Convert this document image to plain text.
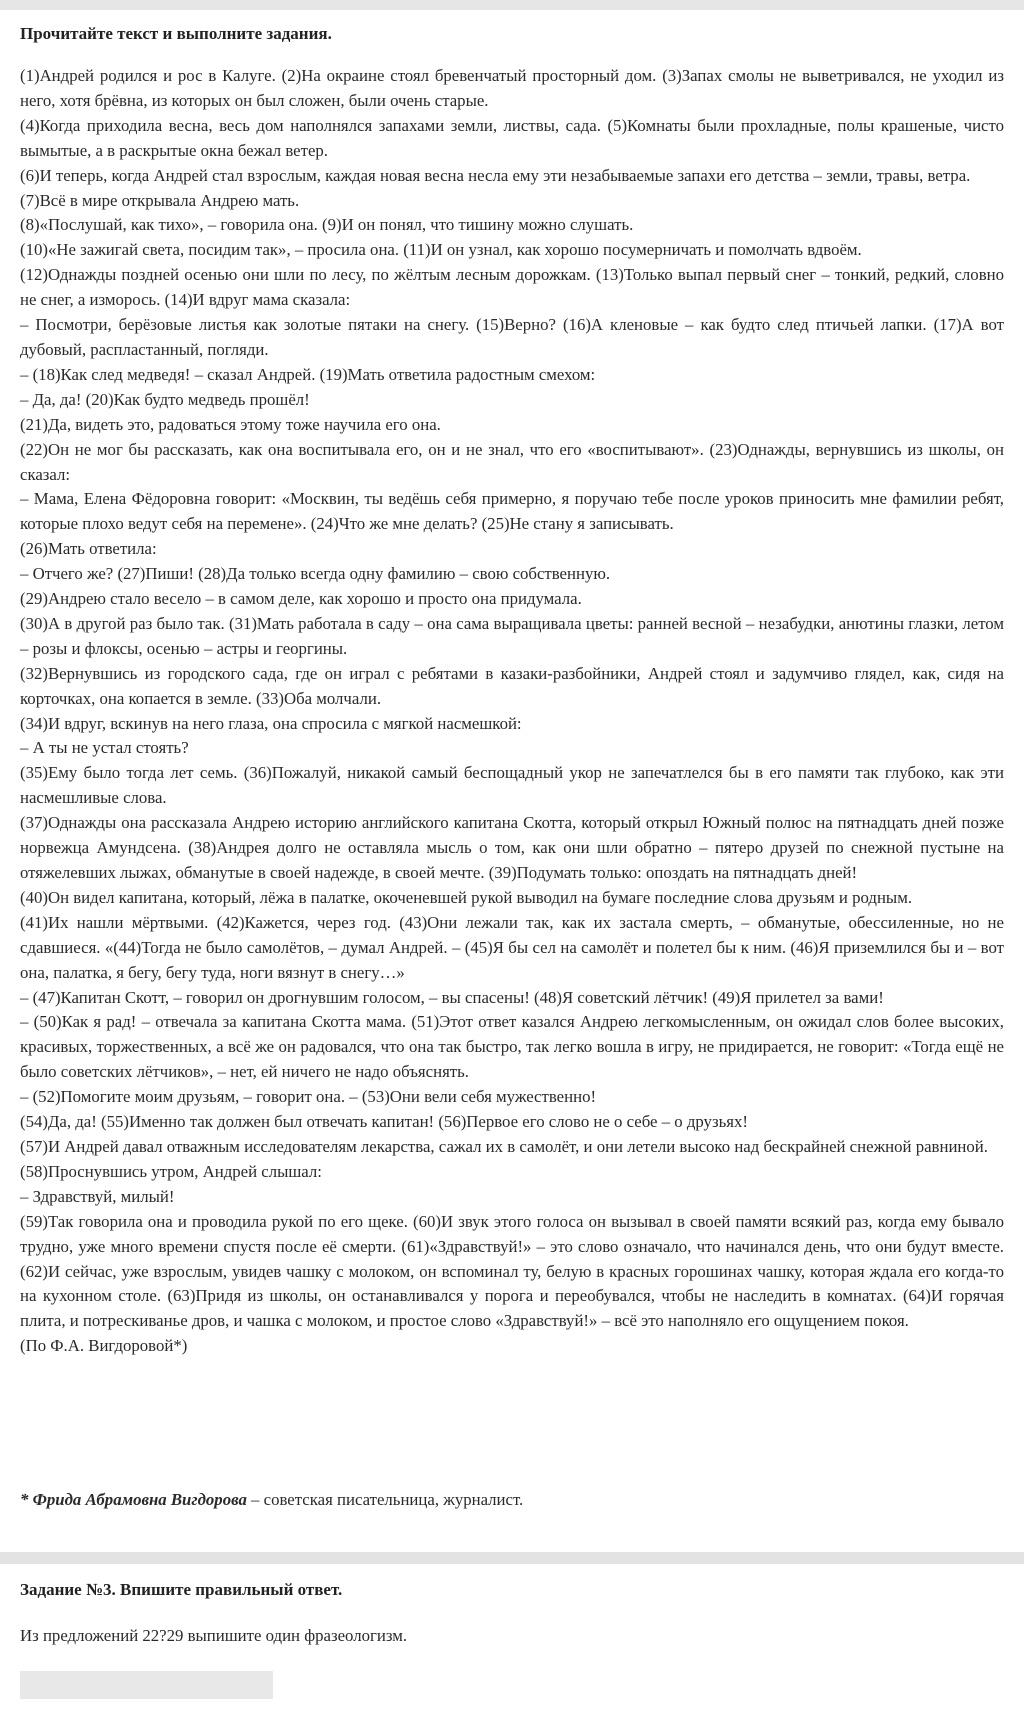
Прочитайте текст и выполните задания.

(1)Андрей родился и рос в Калуге. (2)На окраине стоял бревенчатый просторный дом. (3)Запах смолы не выветривался, не уходил из него, хотя брёвна, из которых он был сложен, были очень старые.

(4)Когда приходила весна, весь дом наполнялся запахами земли, листвы, сада. (5)Комнаты были прохладные, полы крашеные, чисто вымытые, а в раскрытые окна бежал ветер.

(6)И теперь, когда Андрей стал взрослым, каждая новая весна несла ему эти незабываемые запахи его детства – земли, травы, ветра.

(7)Всё в мире открывала Андрею мать.

(8)«Послушай, как тихо», – говорила она. (9)И он понял, что тишину можно слушать.

(10)«Не зажигай света, посидим так», – просила она. (11)И он узнал, как хорошо посумерничать и помолчать вдвоём.

(12)Однажды поздней осенью они шли по лесу, по жёлтым лесным дорожкам. (13)Только выпал первый снег – тонкий, редкий, словно не снег, а изморось. (14)И вдруг мама сказала:

– Посмотри, берёзовые листья как золотые пятаки на снегу. (15)Верно? (16)А кленовые – как будто след птичьей лапки. (17)А вот дубовый, распластанный, погляди.

– (18)Как след медведя! – сказал Андрей. (19)Мать ответила радостным смехом:

– Да, да! (20)Как будто медведь прошёл!

(21)Да, видеть это, радоваться этому тоже научила его она.

(22)Он не мог бы рассказать, как она воспитывала его, он и не знал, что его «воспитывают». (23)Однажды, вернувшись из школы, он сказал:

– Мама, Елена Фёдоровна говорит: «Москвин, ты ведёшь себя примерно, я поручаю тебе после уроков приносить мне фамилии ребят, которые плохо ведут себя на перемене». (24)Что же мне делать? (25)Не стану я записывать.

(26)Мать ответила:

– Отчего же? (27)Пиши! (28)Да только всегда одну фамилию – свою собственную.

(29)Андрею стало весело – в самом деле, как хорошо и просто она придумала.

(30)А в другой раз было так. (31)Мать работала в саду – она сама выращивала цветы: ранней весной – незабудки, анютины глазки, летом – розы и флоксы, осенью – астры и георгины.

(32)Вернувшись из городского сада, где он играл с ребятами в казаки-разбойники, Андрей стоял и задумчиво глядел, как, сидя на корточках, она копается в земле. (33)Оба молчали.

(34)И вдруг, вскинув на него глаза, она спросила с мягкой насмешкой:

– А ты не устал стоять?

(35)Ему было тогда лет семь. (36)Пожалуй, никакой самый беспощадный укор не запечатлелся бы в его памяти так глубоко, как эти насмешливые слова.

(37)Однажды она рассказала Андрею историю английского капитана Скотта, который открыл Южный полюс на пятнадцать дней позже норвежца Амундсена. (38)Андрея долго не оставляла мысль о том, как они шли обратно – пятеро друзей по снежной пустыне на отяжелевших лыжах, обманутые в своей надежде, в своей мечте. (39)Подумать только: опоздать на пятнадцать дней!

(40)Он видел капитана, который, лёжа в палатке, окоченевшей рукой выводил на бумаге последние слова друзьям и родным.

(41)Их нашли мёртвыми. (42)Кажется, через год. (43)Они лежали так, как их застала смерть, – обманутые, обессиленные, но не сдавшиеся. «(44)Тогда не было самолётов, – думал Андрей. – (45)Я бы сел на самолёт и полетел бы к ним. (46)Я приземлился бы и – вот она, палатка, я бегу, бегу туда, ноги вязнут в снегу…»

– (47)Капитан Скотт, – говорил он дрогнувшим голосом, – вы спасены! (48)Я советский лётчик! (49)Я прилетел за вами!

– (50)Как я рад! – отвечала за капитана Скотта мама. (51)Этот ответ казался Андрею легкомысленным, он ожидал слов более высоких, красивых, торжественных, а всё же он радовался, что она так быстро, так легко вошла в игру, не придирается, не говорит: «Тогда ещё не было советских лётчиков», – нет, ей ничего не надо объяснять.

– (52)Помогите моим друзьям, – говорит она. – (53)Они вели себя мужественно!

(54)Да, да! (55)Именно так должен был отвечать капитан! (56)Первое его слово не о себе – о друзьях!

(57)И Андрей давал отважным исследователям лекарства, сажал их в самолёт, и они летели высоко над бескрайней снежной равниной.

(58)Проснувшись утром, Андрей слышал:

– Здравствуй, милый!

(59)Так говорила она и проводила рукой по его щеке. (60)И звук этого голоса он вызывал в своей памяти всякий раз, когда ему бывало трудно, уже много времени спустя после её смерти. (61)«Здравствуй!» – это слово означало, что начинался день, что они будут вместе. (62)И сейчас, уже взрослым, увидев чашку с молоком, он вспоминал ту, белую в красных горошинах чашку, которая ждала его когда-то на кухонном столе. (63)Придя из школы, он останавливался у порога и переобувался, чтобы не наследить в комнатах. (64)И горячая плита, и потрескиванье дров, и чашка с молоком, и простое слово «Здравствуй!» – всё это наполняло его ощущением покоя.

(По Ф.А. Вигдоровой*)

* Фрида Абрамовна Вигдорова – советская писательница, журналист.
Задание №3. Впишите правильный ответ.
Из предложений 22?29 выпишите один фразеологизм.
